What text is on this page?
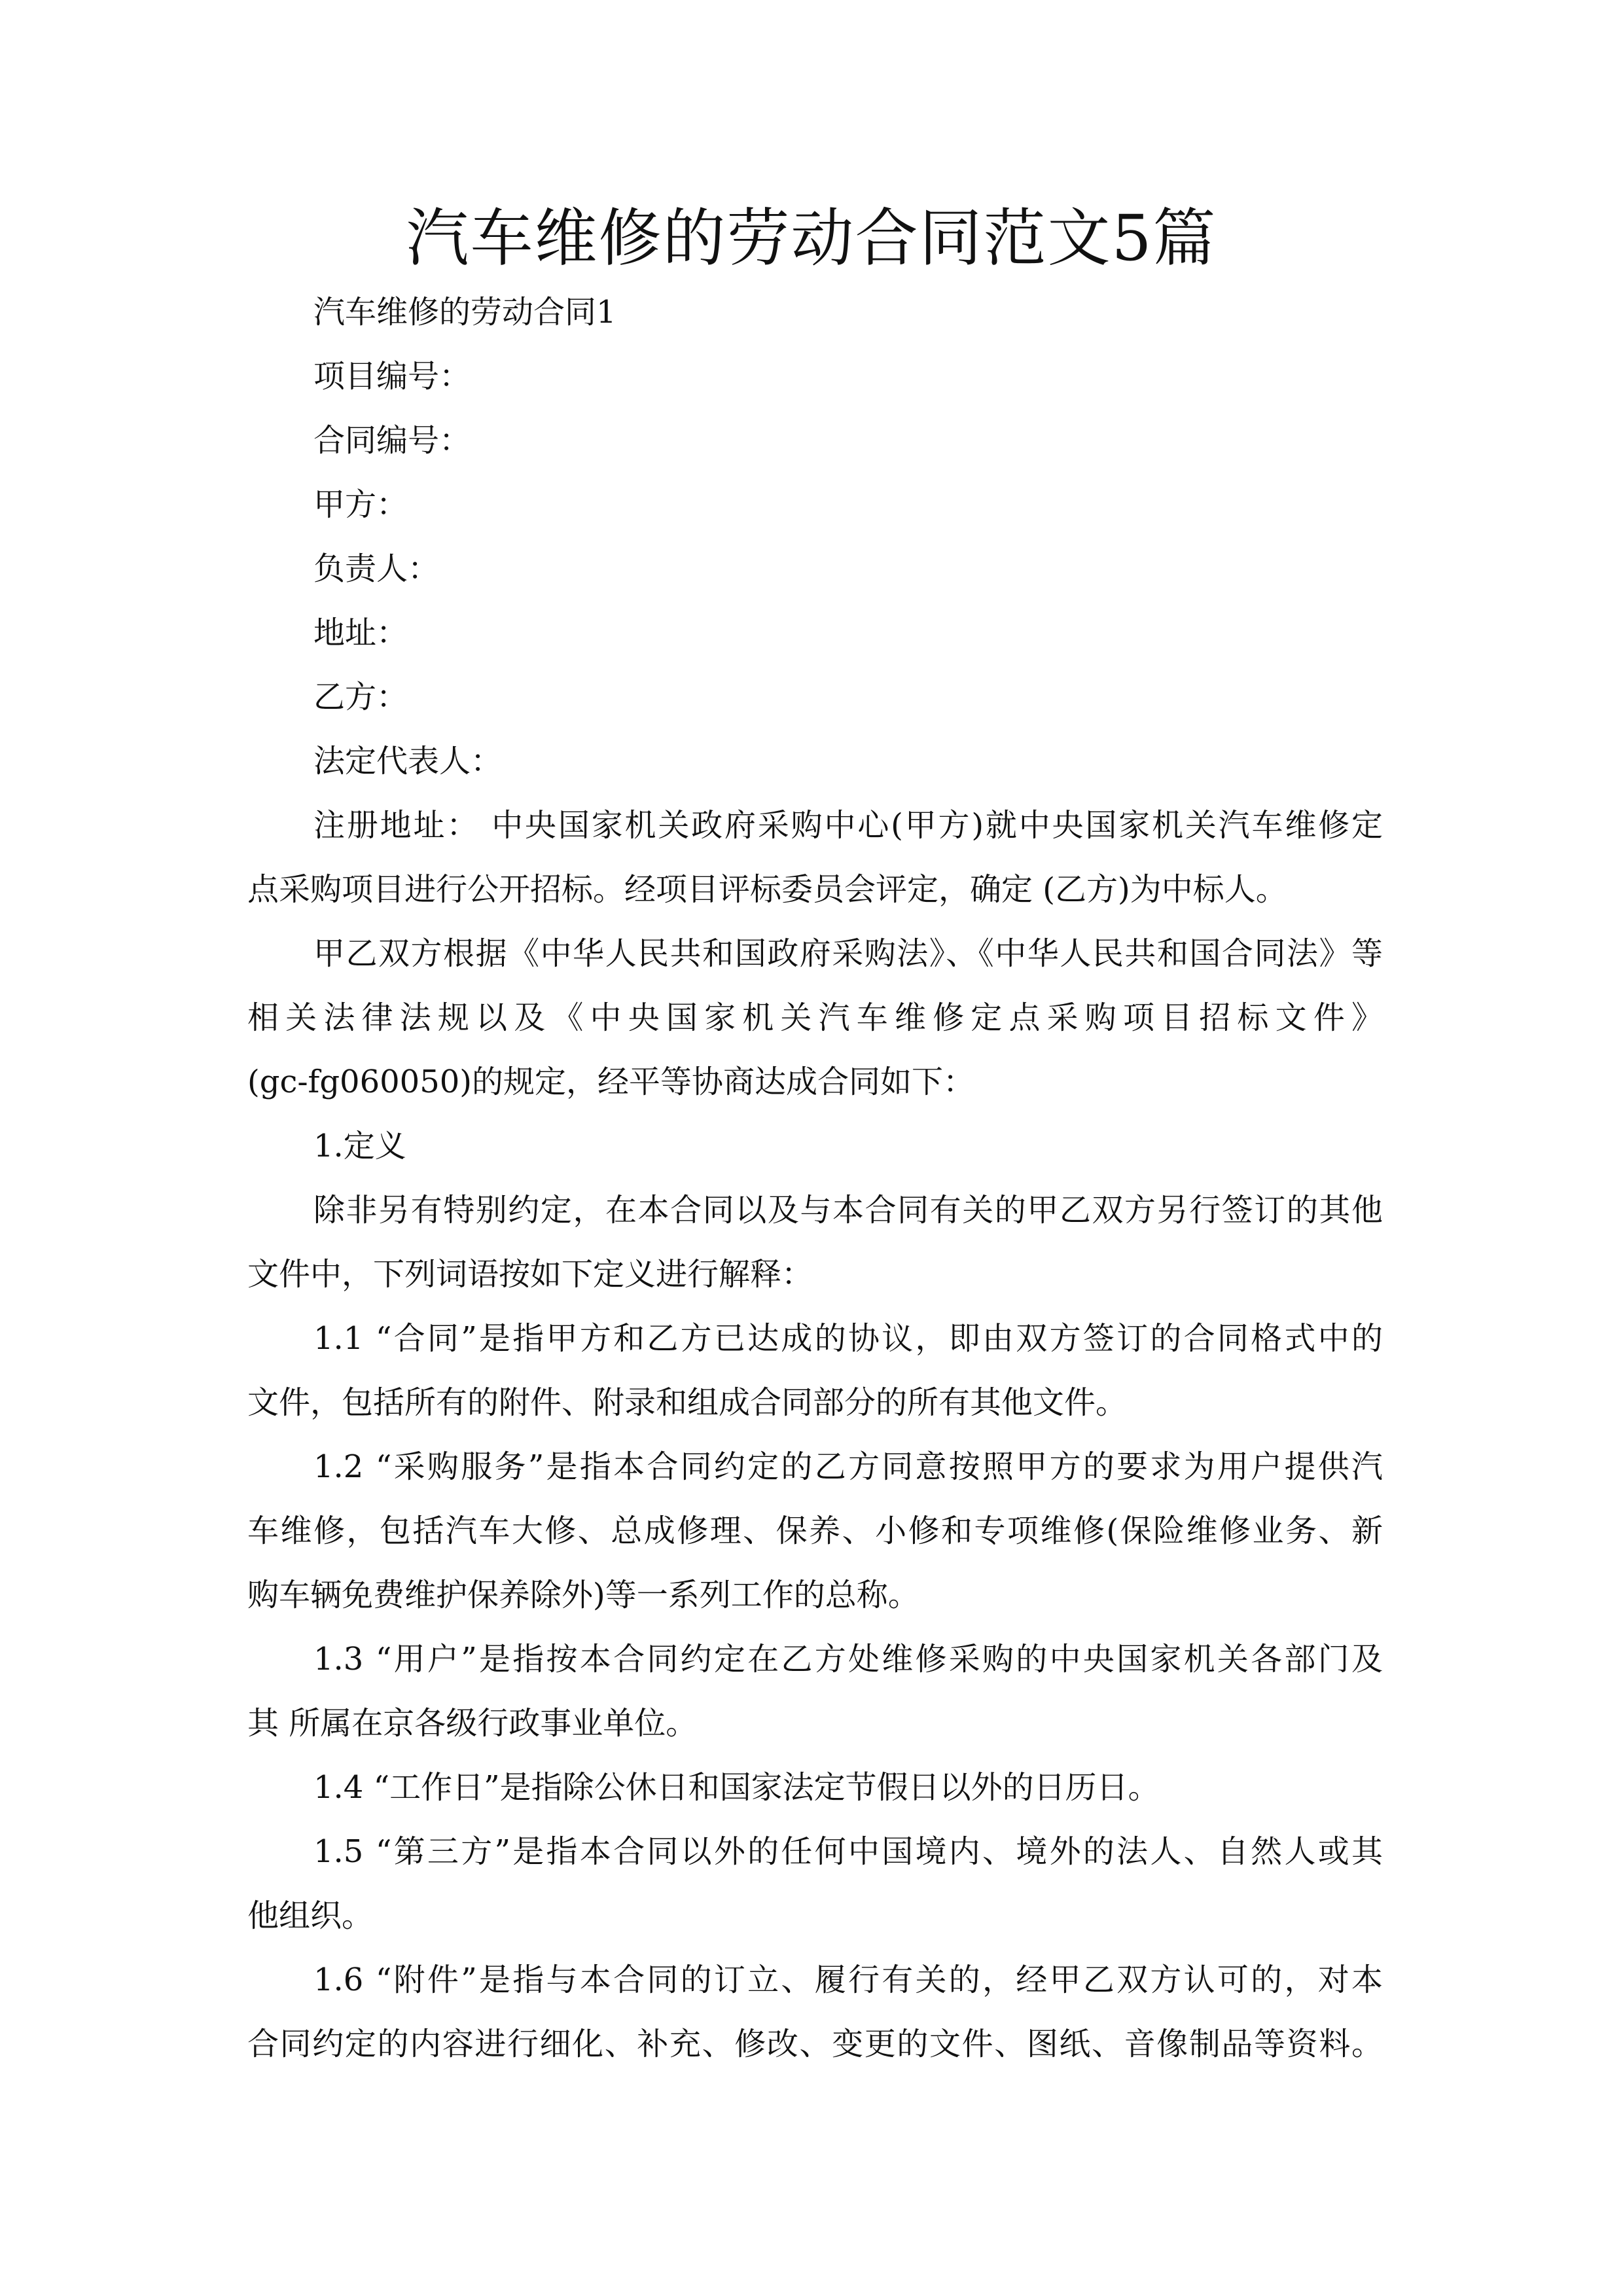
汽车维修的劳动合同范文5篇
汽车维修的劳动合同1
项目编号：
合同编号：
甲方：
负责人：
地址：
乙方：
法定代表人：
注册地址： 中央国家机关政府采购中心(甲方)就中央国家机关汽车维修定
点采购项目进行公开招标。经项目评标委员会评定，确定 (乙方)为中标人。
甲乙双方根据《中华人民共和国政府采购法》、《中华人民共和国合同法》等
相关法律法规以及《中央国家机关汽车维修定点采购项目招标文件》
(gc-fg060050)的规定，经平等协商达成合同如下：
1.定义
除非另有特别约定，在本合同以及与本合同有关的甲乙双方另行签订的其他
文件中，下列词语按如下定义进行解释：
1.1 “合同”是指甲方和乙方已达成的协议，即由双方签订的合同格式中的
文件，包括所有的附件、附录和组成合同部分的所有其他文件。
1.2 “采购服务”是指本合同约定的乙方同意按照甲方的要求为用户提供汽
车维修，包括汽车大修、总成修理、保养、小修和专项维修(保险维修业务、新
购车辆免费维护保养除外)等一系列工作的总称。
1.3 “用户”是指按本合同约定在乙方处维修采购的中央国家机关各部门及
其 所属在京各级行政事业单位。
1.4 “工作日”是指除公休日和国家法定节假日以外的日历日。
1.5 “第三方”是指本合同以外的任何中国境内、境外的法人、自然人或其
他组织。
1.6 “附件”是指与本合同的订立、履行有关的，经甲乙双方认可的，对本
合同约定的内容进行细化、补充、修改、变更的文件、图纸、音像制品等资料。
